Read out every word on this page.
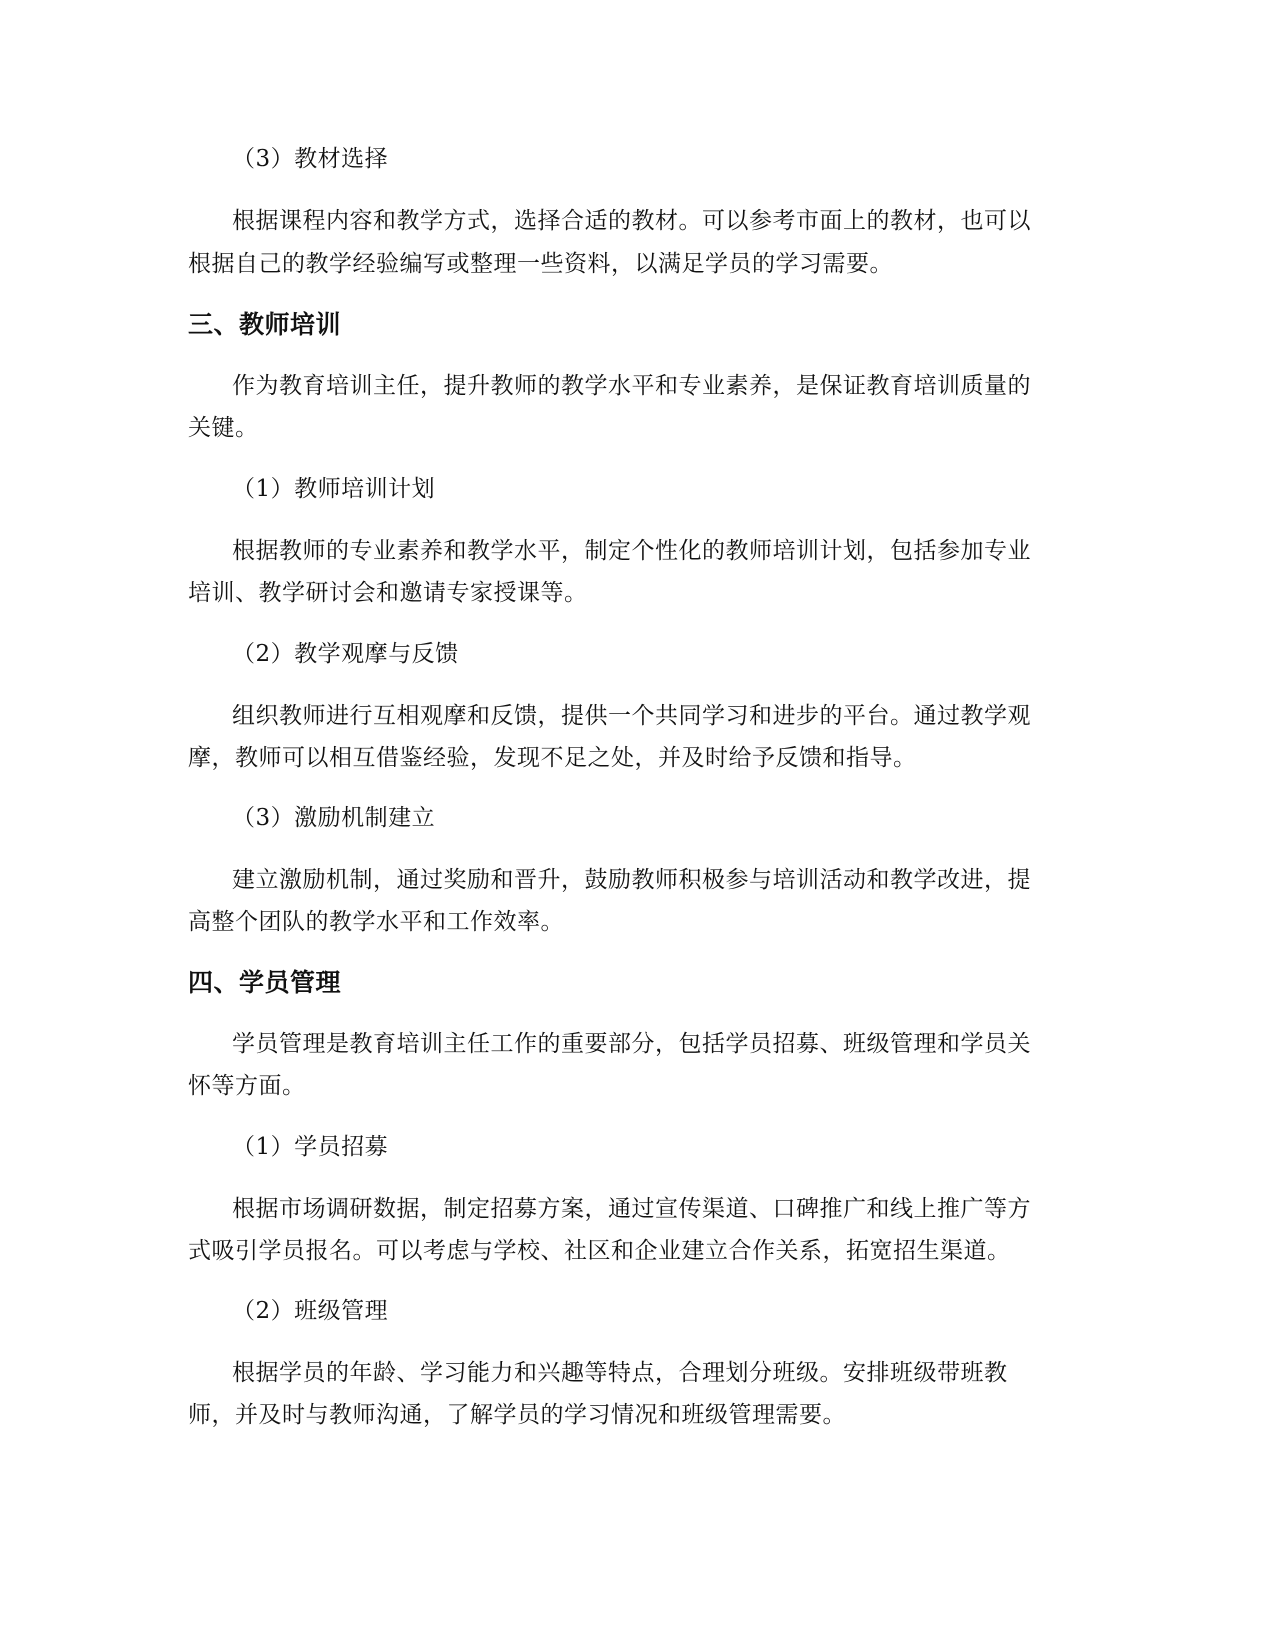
（3）教材选择
根据课程内容和教学方式，选择合适的教材。可以参考市面上的教材，也可以
根据自己的教学经验编写或整理一些资料，以满足学员的学习需要。
三、教师培训
作为教育培训主任，提升教师的教学水平和专业素养，是保证教育培训质量的
关键。
（1）教师培训计划
根据教师的专业素养和教学水平，制定个性化的教师培训计划，包括参加专业
培训、教学研讨会和邀请专家授课等。
（2）教学观摩与反馈
组织教师进行互相观摩和反馈，提供一个共同学习和进步的平台。通过教学观
摩，教师可以相互借鉴经验，发现不足之处，并及时给予反馈和指导。
（3）激励机制建立
建立激励机制，通过奖励和晋升，鼓励教师积极参与培训活动和教学改进，提
高整个团队的教学水平和工作效率。
四、学员管理
学员管理是教育培训主任工作的重要部分，包括学员招募、班级管理和学员关
怀等方面。
（1）学员招募
根据市场调研数据，制定招募方案，通过宣传渠道、口碑推广和线上推广等方
式吸引学员报名。可以考虑与学校、社区和企业建立合作关系，拓宽招生渠道。
（2）班级管理
根据学员的年龄、学习能力和兴趣等特点，合理划分班级。安排班级带班教
师，并及时与教师沟通，了解学员的学习情况和班级管理需要。
